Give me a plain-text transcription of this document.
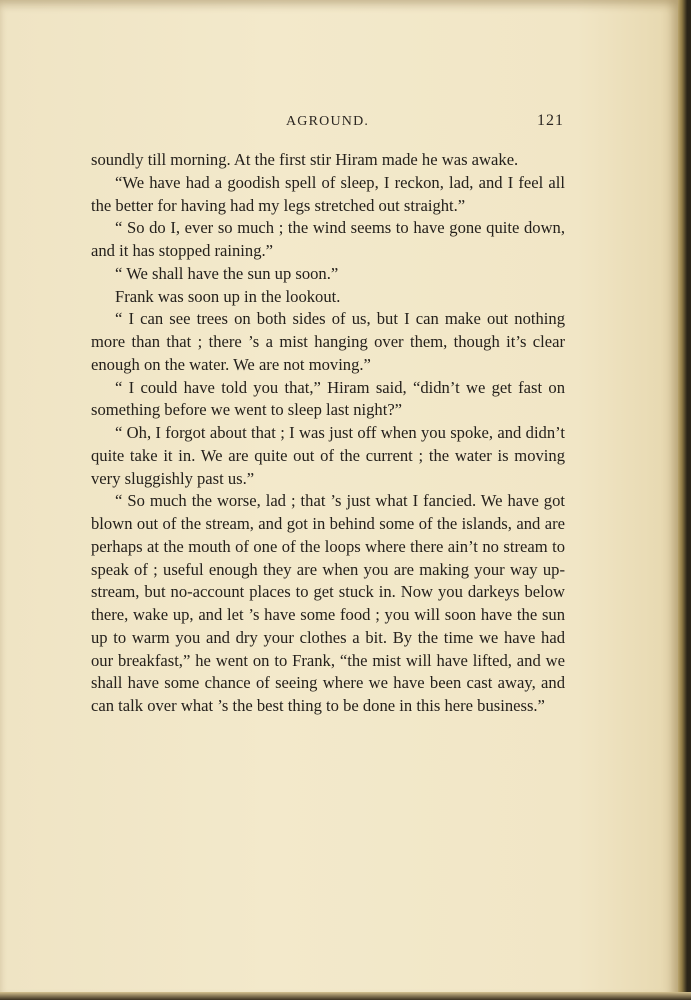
AGROUND.	121

soundly till morning. At the first stir Hiram made he was awake.

“We have had a goodish spell of sleep, I reckon, lad, and I feel all the better for having had my legs stretched out straight.”

“ So do I, ever so much ; the wind seems to have gone quite down, and it has stopped raining.”

“ We shall have the sun up soon.”

Frank was soon up in the lookout.

“ I can see trees on both sides of us, but I can make out nothing more than that ; there ’s a mist hanging over them, though it’s clear enough on the water. We are not moving.”

“ I could have told you that,” Hiram said, “didn’t we get fast on something before we went to sleep last night?”

“ Oh, I forgot about that ; I was just off when you spoke, and didn’t quite take it in. We are quite out of the current ; the water is moving very sluggishly past us.”

“ So much the worse, lad ; that ’s just what I fancied. We have got blown out of the stream, and got in behind some of the islands, and are perhaps at the mouth of one of the loops where there ain’t no stream to speak of ; useful enough they are when you are making your way up-stream, but no-account places to get stuck in. Now you darkeys below there, wake up, and let ’s have some food ; you will soon have the sun up to warm you and dry your clothes a bit. By the time we have had our breakfast,” he went on to Frank, “the mist will have lifted, and we shall have some chance of seeing where we have been cast away, and can talk over what ’s the best thing to be done in this here business.”
